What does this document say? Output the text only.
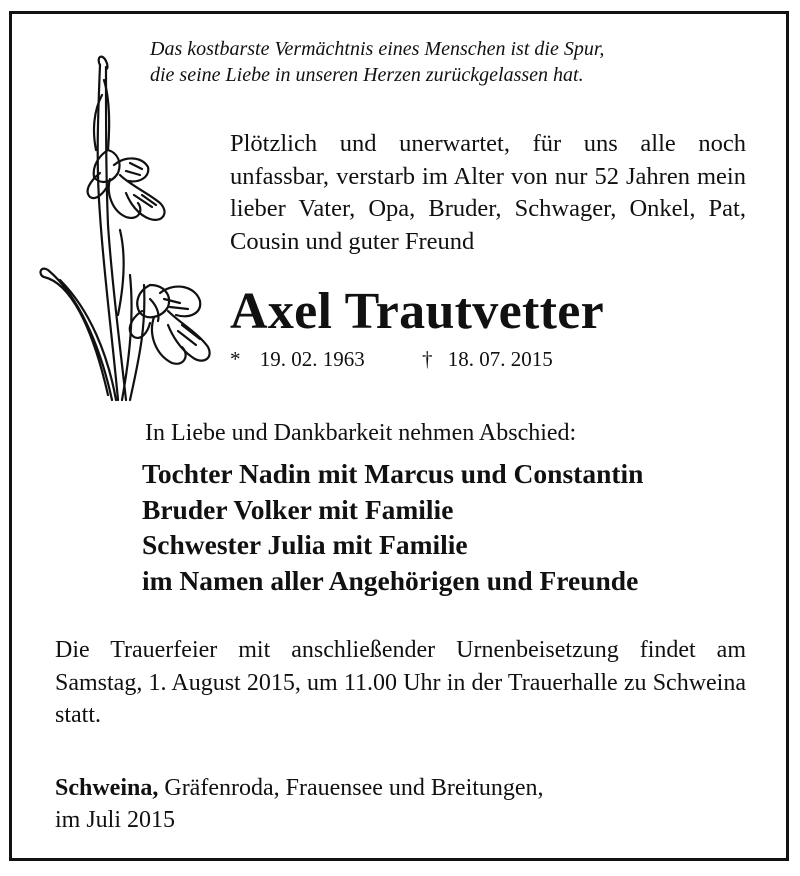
Das kostbarste Vermächtnis eines Menschen ist die Spur,
die seine Liebe in unseren Herzen zurückgelassen hat.

Plötzlich und unerwartet, für uns alle noch unfassbar, verstarb im Alter von nur 52 Jahren mein lieber Vater, Opa, Bruder, Schwager, Onkel, Pat, Cousin und guter Freund

Axel Trautvetter
* 19. 02. 1963	† 18. 07. 2015
In Liebe und Dankbarkeit nehmen Abschied:
Tochter Nadin mit Marcus und Constantin
Bruder Volker mit Familie
Schwester Julia mit Familie
im Namen aller Angehörigen und Freunde

Die Trauerfeier mit anschließender Urnenbeisetzung findet am Samstag, 1. August 2015, um 11.00 Uhr in der Trauerhalle zu Schweina statt.

Schweina, Gräfenroda, Frauensee und Breitungen,
im Juli 2015
